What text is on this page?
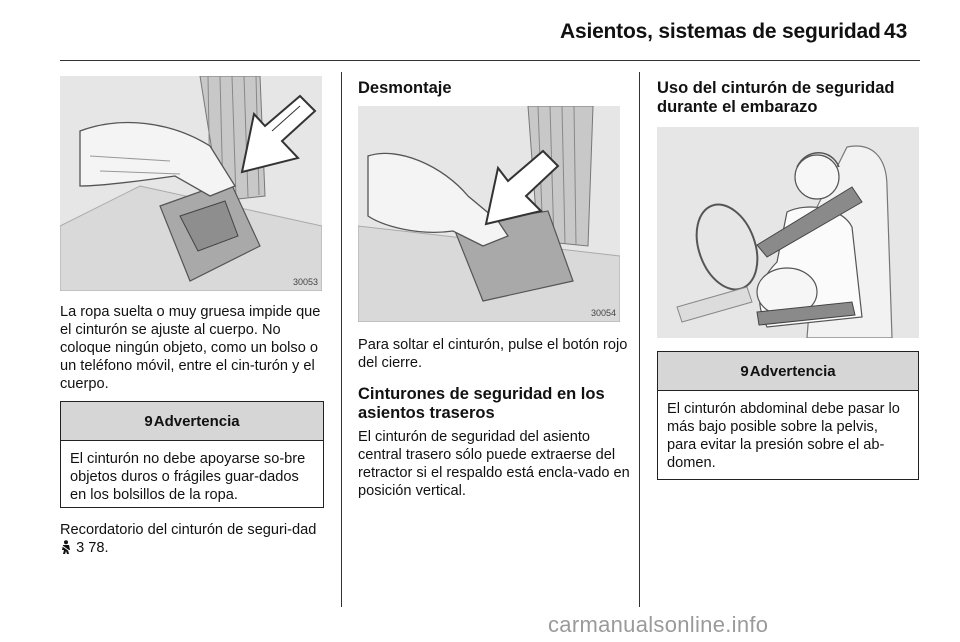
Asientos, sistemas de seguridad 43
30053

La ropa suelta o muy gruesa impide que el cinturón se ajuste al cuerpo. No coloque ningún objeto, como un bolso o un teléfono móvil, entre el cin-turón y el cuerpo.

9 Advertencia
El cinturón no debe apoyarse so-bre objetos duros o frágiles guar-dados en los bolsillos de la ropa.

Recordatorio del cinturón de seguri-dad  3 78.

Desmontaje
30054

Para soltar el cinturón, pulse el botón rojo del cierre.

Cinturones de seguridad en los asientos traseros

El cinturón de seguridad del asiento central trasero sólo puede extraerse del retractor si el respaldo está encla-vado en posición vertical.

Uso del cinturón de seguridad durante el embarazo
9 Advertencia
El cinturón abdominal debe pasar lo más bajo posible sobre la pelvis, para evitar la presión sobre el ab-domen.
carmanualsonline.info
